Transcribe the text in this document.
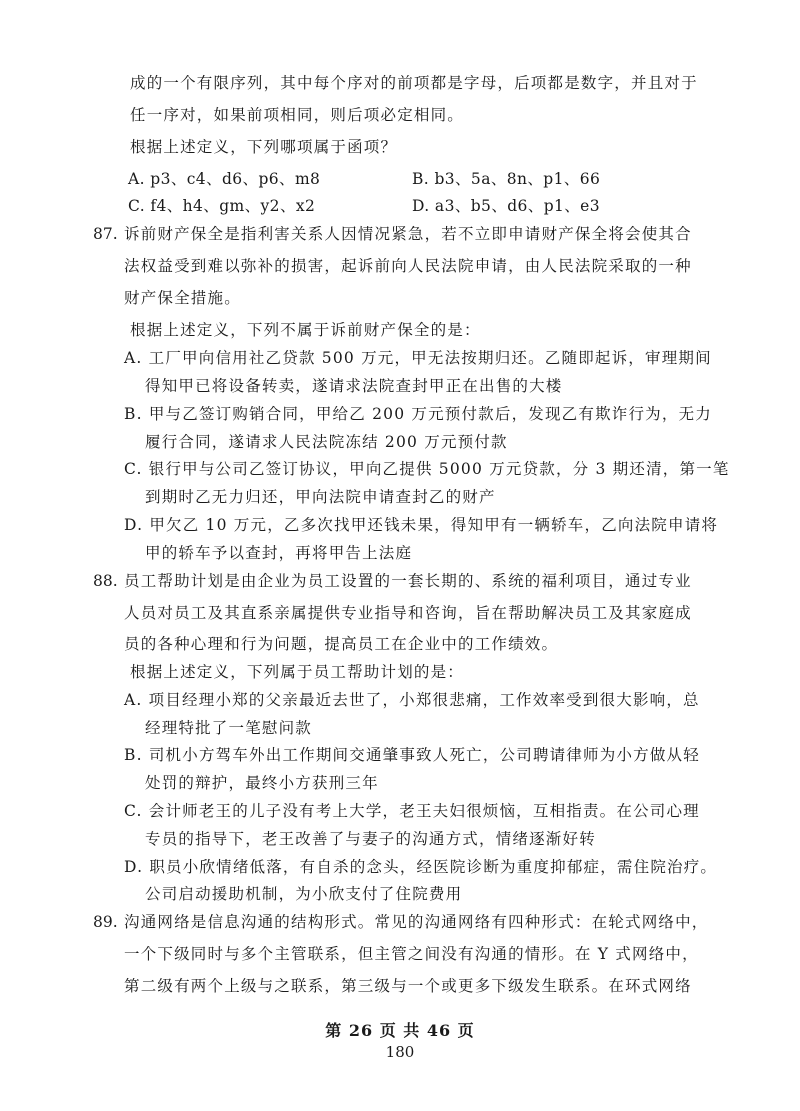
成的一个有限序列，其中每个序对的前项都是字母，后项都是数字，并且对于
任一序对，如果前项相同，则后项必定相同。
根据上述定义，下列哪项属于函项？
A. p3、c4、d6、p6、m8	B. b3、5a、8n、p1、66
C. f4、h4、gm、y2、x2	D. a3、b5、d6、p1、e3
87. 诉前财产保全是指利害关系人因情况紧急，若不立即申请财产保全将会使其合
法权益受到难以弥补的损害，起诉前向人民法院申请，由人民法院采取的一种
财产保全措施。
根据上述定义，下列不属于诉前财产保全的是：
A. 工厂甲向信用社乙贷款 500 万元，甲无法按期归还。乙随即起诉，审理期间
得知甲已将设备转卖，遂请求法院查封甲正在出售的大楼
B. 甲与乙签订购销合同，甲给乙 200 万元预付款后，发现乙有欺诈行为，无力
履行合同，遂请求人民法院冻结 200 万元预付款
C. 银行甲与公司乙签订协议，甲向乙提供 5000 万元贷款，分 3 期还清，第一笔
到期时乙无力归还，甲向法院申请查封乙的财产
D. 甲欠乙 10 万元，乙多次找甲还钱未果，得知甲有一辆轿车，乙向法院申请将
甲的轿车予以查封，再将甲告上法庭
88. 员工帮助计划是由企业为员工设置的一套长期的、系统的福利项目，通过专业
人员对员工及其直系亲属提供专业指导和咨询，旨在帮助解决员工及其家庭成
员的各种心理和行为问题，提高员工在企业中的工作绩效。
根据上述定义，下列属于员工帮助计划的是：
A. 项目经理小郑的父亲最近去世了，小郑很悲痛，工作效率受到很大影响，总
经理特批了一笔慰问款
B. 司机小方驾车外出工作期间交通肇事致人死亡，公司聘请律师为小方做从轻
处罚的辩护，最终小方获刑三年
C. 会计师老王的儿子没有考上大学，老王夫妇很烦恼，互相指责。在公司心理
专员的指导下，老王改善了与妻子的沟通方式，情绪逐渐好转
D. 职员小欣情绪低落，有自杀的念头，经医院诊断为重度抑郁症，需住院治疗。
公司启动援助机制，为小欣支付了住院费用
89. 沟通网络是信息沟通的结构形式。常见的沟通网络有四种形式：在轮式网络中，
一个下级同时与多个主管联系，但主管之间没有沟通的情形。在 Y 式网络中，
第二级有两个上级与之联系，第三级与一个或更多下级发生联系。在环式网络
第 26 页 共 46 页
180
